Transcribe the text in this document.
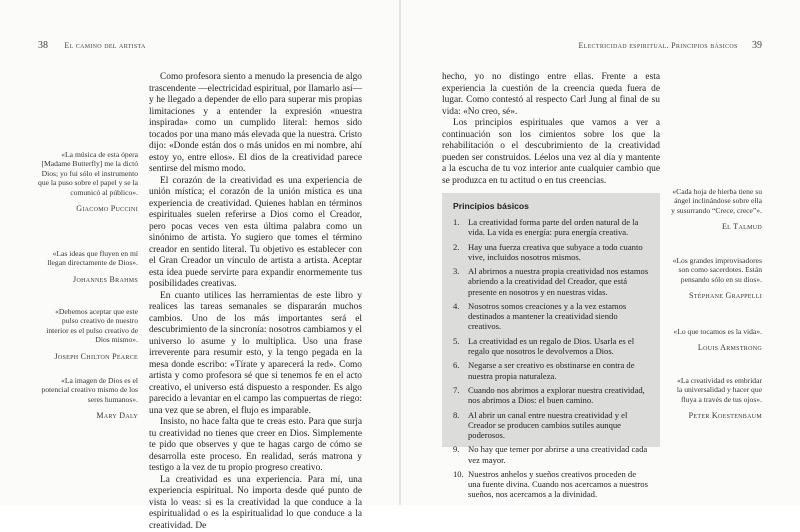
38 El camino del artista
«La música de esta ópera [Madame Butterfly] me la dictó Dios; yo fui sólo el instrumento que la puso sobre el papel y se la comunicó al público».
Giacomo Puccini
«Las ideas que fluyen en mí llegan directamente de Dios».
Johannes Brahms
«Debemos aceptar que este pulso creativo de nuestro interior es el pulso creativo de Dios mismo».
Joseph Chilton Pearce
«La imagen de Dios es el potencial creativo mismo de los seres humanos».
Mary Daly

Como profesora siento a menudo la presencia de algo trascendente —electricidad espiritual, por llamarlo así— y he llegado a depender de ello para superar mis propias limitaciones y a entender la expresión «nuestra inspirada» como un cumplido literal: hemos sido tocados por una mano más elevada que la nuestra. Cristo dijo: «Donde están dos o más unidos en mi nombre, ahí estoy yo, entre ellos». El dios de la creatividad parece sentirse del mismo modo.

El corazón de la creatividad es una experiencia de unión mística; el corazón de la unión mística es una experiencia de creatividad. Quienes hablan en términos espirituales suelen referirse a Dios como el Creador, pero pocas veces ven esta última palabra como un sinónimo de artista. Yo sugiero que tomes el término creador en sentido literal. Tu objetivo es establecer con el Gran Creador un vínculo de artista a artista. Aceptar esta idea puede servirte para expandir enormemente tus posibilidades creativas.

En cuanto utilices las herramientas de este libro y realices las tareas semanales se dispararán muchos cambios. Uno de los más importantes será el descubrimiento de la sincronía: nosotros cambiamos y el universo lo asume y lo multiplica. Uso una frase irreverente para resumir esto, y la tengo pegada en la mesa donde escribo: «Tírate y aparecerá la red». Como artista y como profesora sé que si tenemos fe en el acto creativo, el universo está dispuesto a responder. Es algo parecido a levantar en el campo las compuertas de riego: una vez que se abren, el flujo es imparable.

Insisto, no hace falta que te creas esto. Para que surja tu creatividad no tienes que creer en Dios. Simplemente te pido que observes y que te hagas cargo de cómo se desarrolla este proceso. En realidad, serás matrona y testigo a la vez de tu propio progreso creativo.

La creatividad es una experiencia. Para mí, una experiencia espiritual. No importa desde qué punto de vista lo veas: si es la creatividad la que conduce a la espiritualidad o es la espiritualidad lo que conduce a la creatividad. De

Electricidad espiritual. Principios básicos 39

hecho, yo no distingo entre ellas. Frente a esta experiencia la cuestión de la creencia queda fuera de lugar. Como contestó al respecto Carl Jung al final de su vida: «No creo, sé».

Los principios espirituales que vamos a ver a continuación son los cimientos sobre los que la rehabilitación o el descubrimiento de la creatividad pueden ser construidos. Léelos una vez al día y mantente a la escucha de tu voz interior ante cualquier cambio que se produzca en tu actitud o en tus creencias.

Principios básicos
1. La creatividad forma parte del orden natural de la vida. La vida es energía: pura energía creativa.
2. Hay una fuerza creativa que subyace a todo cuanto vive, incluidos nosotros mismos.
3. Al abrirnos a nuestra propia creatividad nos estamos abriendo a la creatividad del Creador, que está presente en nosotros y en nuestras vidas.
4. Nosotros somos creaciones y a la vez estamos destinados a mantener la creatividad siendo creativos.
5. La creatividad es un regalo de Dios. Usarla es el regalo que nosotros le devolvemos a Dios.
6. Negarse a ser creativo es obstinarse en contra de nuestra propia naturaleza.
7. Cuando nos abrimos a explorar nuestra creatividad, nos abrimos a Dios: el buen camino.
8. Al abrir un canal entre nuestra creatividad y el Creador se producen cambios sutiles aunque poderosos.
9. No hay que temer por abrirse a una creatividad cada vez mayor.
10. Nuestros anhelos y sueños creativos proceden de una fuente divina. Cuando nos acercamos a nuestros sueños, nos acercamos a la divinidad.
«Cada hoja de hierba tiene su ángel inclinándose sobre ella y susurrando “Crece, crece”».
El Talmud
«Los grandes improvisadores son como sacerdotes. Están pensando sólo en su dios».
Stéphane Grappelli
«Lo que tocamos es la vida».
Louis Armstrong
«La creatividad es embridar la universalidad y hacer que fluya a través de tus ojos».
Peter Koestenbaum
